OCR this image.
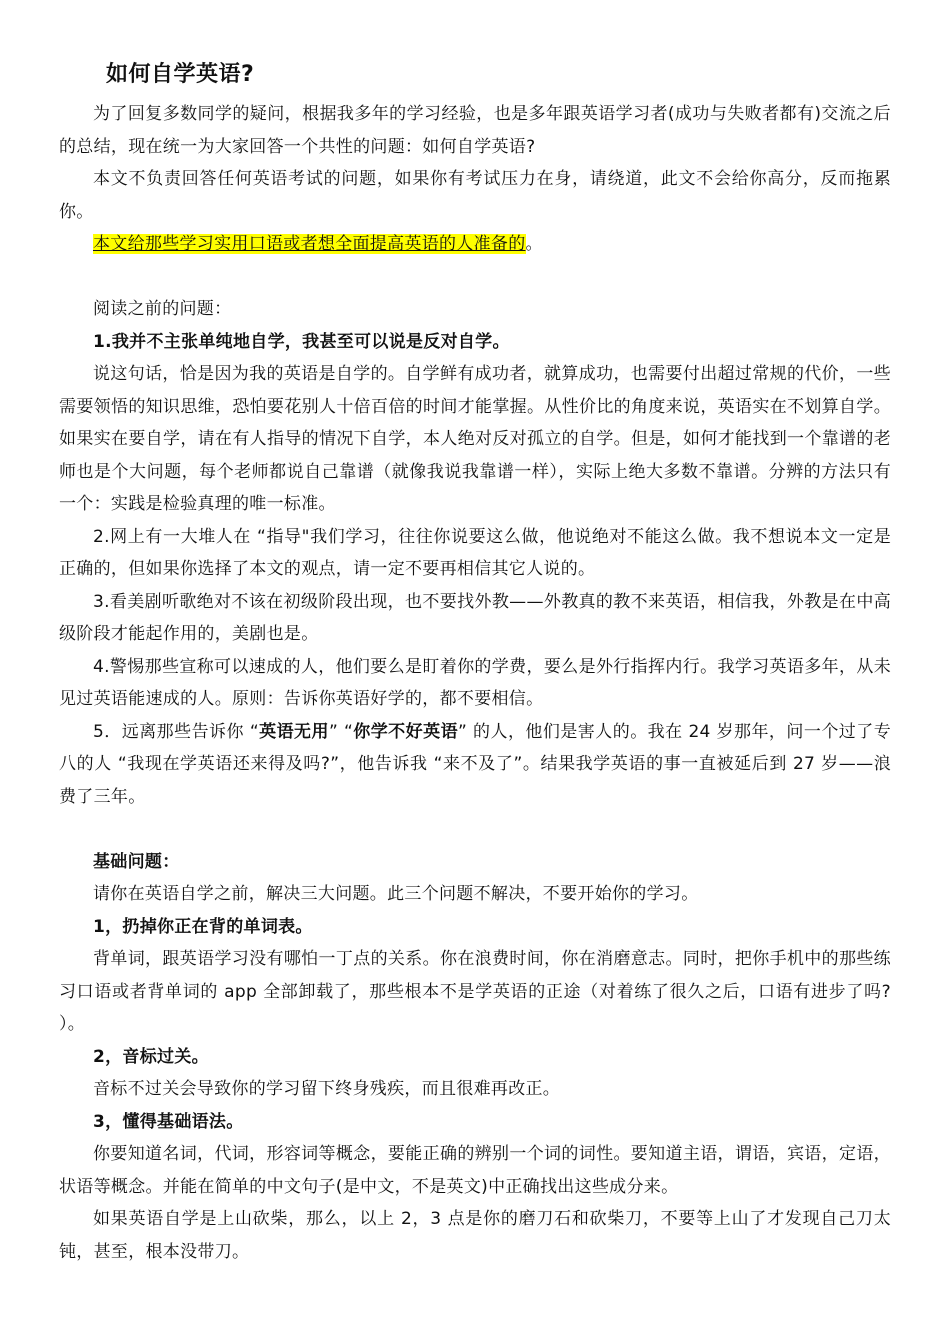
如何自学英语?

为了回复多数同学的疑问，根据我多年的学习经验，也是多年跟英语学习者(成功与失败者都有)交流之后的总结，现在统一为大家回答一个共性的问题：如何自学英语?

本文不负责回答任何英语考试的问题，如果你有考试压力在身，请绕道，此文不会给你高分，反而拖累你。

本文给那些学习实用口语或者想全面提高英语的人准备的。

阅读之前的问题：

1.我并不主张单纯地自学，我甚至可以说是反对自学。

说这句话，恰是因为我的英语是自学的。自学鲜有成功者，就算成功，也需要付出超过常规的代价，一些需要领悟的知识思维，恐怕要花别人十倍百倍的时间才能掌握。从性价比的角度来说，英语实在不划算自学。如果实在要自学，请在有人指导的情况下自学，本人绝对反对孤立的自学。但是，如何才能找到一个靠谱的老师也是个大问题，每个老师都说自己靠谱（就像我说我靠谱一样），实际上绝大多数不靠谱。分辨的方法只有一个：实践是检验真理的唯一标准。

2.网上有一大堆人在 “指导"我们学习，往往你说要这么做，他说绝对不能这么做。我不想说本文一定是正确的，但如果你选择了本文的观点，请一定不要再相信其它人说的。

3.看美剧听歌绝对不该在初级阶段出现，也不要找外教——外教真的教不来英语，相信我，外教是在中高级阶段才能起作用的，美剧也是。

4.警惕那些宣称可以速成的人，他们要么是盯着你的学费，要么是外行指挥内行。我学习英语多年，从未见过英语能速成的人。原则：告诉你英语好学的，都不要相信。

5．远离那些告诉你 “英语无用” “你学不好英语” 的人，他们是害人的。我在 24 岁那年，问一个过了专八的人 “我现在学英语还来得及吗?”，他告诉我 “来不及了”。结果我学英语的事一直被延后到 27 岁——浪费了三年。

基础问题：

请你在英语自学之前，解决三大问题。此三个问题不解决，不要开始你的学习。

1，扔掉你正在背的单词表。

背单词，跟英语学习没有哪怕一丁点的关系。你在浪费时间，你在消磨意志。同时，把你手机中的那些练习口语或者背单词的 app 全部卸载了，那些根本不是学英语的正途（对着练了很久之后，口语有进步了吗? ）。

2，音标过关。

音标不过关会导致你的学习留下终身残疾，而且很难再改正。

3，懂得基础语法。

你要知道名词，代词，形容词等概念，要能正确的辨别一个词的词性。要知道主语，谓语，宾语，定语，状语等概念。并能在简单的中文句子(是中文，不是英文)中正确找出这些成分来。

如果英语自学是上山砍柴，那么，以上 2，3 点是你的磨刀石和砍柴刀，不要等上山了才发现自己刀太钝，甚至，根本没带刀。
